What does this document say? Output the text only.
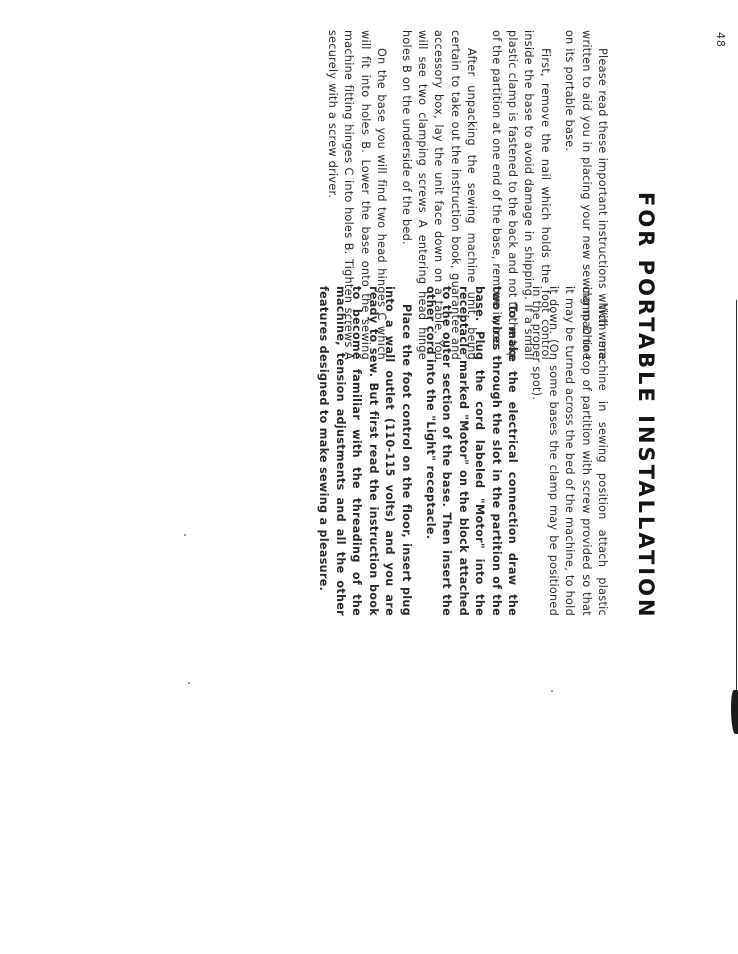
48
FOR PORTABLE INSTALLATION

Please read these important instructions which were written to aid you in placing your new sewing machine on its portable base.

First, remove the nail which holds the foot control inside the base to avoid damage in shipping. If a small plastic clamp is fastened to the back and not to the top of the partition at one end of the base, remove it, too.

After unpacking the sewing machine unit, being certain to take out the instruction book, guarantee and accessory box, lay the unit face down on a table. You will see two clamping screws A entering head hinge holes B on the underside of the bed.

On the base you will find two head hinges C which will fit into holes B. Lower the base onto the sewing machine fitting hinges C into holes B. Tighten screws A securely with a screw driver.

With machine in sewing position attach plastic clamp D to top of partition with screw provided so that it may be turned across the bed of the machine, to hold it down. (On some bases the clamp may be positioned in the proper spot).

To make the electrical connection draw the two wires through the slot in the partition of the base. Plug the cord labeled "Motor" into the receptacle marked "Motor" on the block attached to the outer section of the base. Then insert the other cord into the "Light" receptacle.

Place the foot control on the floor, insert plug into a wall outlet (110-115 volts) and you are ready to sew. But first read the instruction book to become familiar with the threading of the machine, tension adjustments and all the other features designed to make sewing a pleasure.
